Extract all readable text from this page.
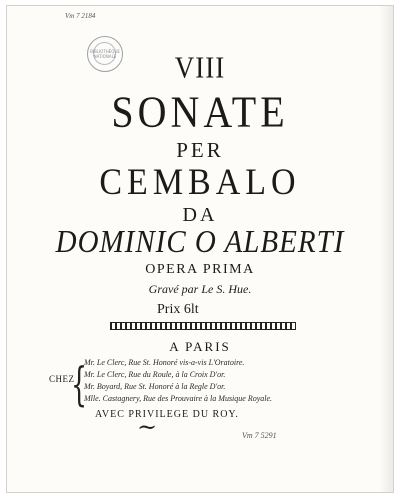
Vm 7 2184
BIBLIOTHÈQUE NATIONALE	VIII
SONATE
PER
CEMBALO
DA
DOMINIC O ALBERTI
OPERA PRIMA
Gravé par Le S. Hue.
Prix 6lt
A PARIS
CHEZ
{
Mr. Le Clerc, Rue St. Honoré vis-a-vis L'Oratoire.
Mr. Le Clerc, Rue du Roule, à la Croix D'or.
Mr. Boyard, Rue St. Honoré à la Regle D'or.
Mlle. Castagnery, Rue des Prouvaire à la Musique Royale.
~
AVEC PRIVILEGE DU ROY.
Vm 7 5291
